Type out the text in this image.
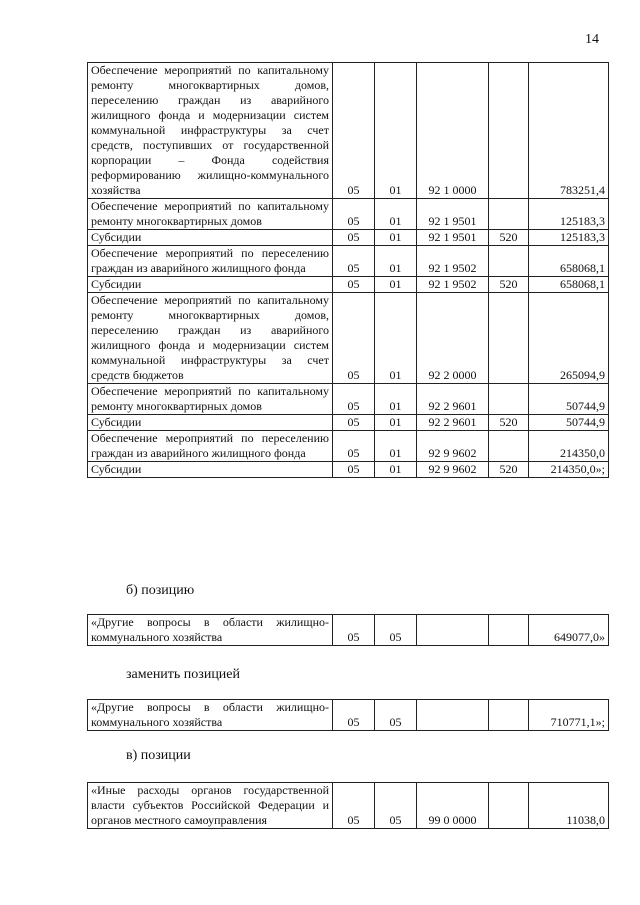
14
Обеспечение мероприятий по капитальному ремонту многоквартирных домов, переселению граждан из аварийного жилищного фонда и модернизации систем коммунальной инфраструктуры за счет средств, поступивших от государственной корпорации – Фонда содействия реформированию жилищно-коммунального хозяйства	05	01	92 1 0000		783251,4
Обеспечение мероприятий по капитальному ремонту многоквартирных домов	05	01	92 1 9501		125183,3
Субсидии	05	01	92 1 9501	520	125183,3
Обеспечение мероприятий по переселению граждан из аварийного жилищного фонда	05	01	92 1 9502		658068,1
Субсидии	05	01	92 1 9502	520	658068,1
Обеспечение мероприятий по капитальному ремонту многоквартирных домов, переселению граждан из аварийного жилищного фонда и модернизации систем коммунальной инфраструктуры за счет средств бюджетов	05	01	92 2 0000		265094,9
Обеспечение мероприятий по капитальному ремонту многоквартирных домов	05	01	92 2 9601		50744,9
Субсидии	05	01	92 2 9601	520	50744,9
Обеспечение мероприятий по переселению граждан из аварийного жилищного фонда	05	01	92 9 9602		214350,0
Субсидии	05	01	92 9 9602	520	214350,0»;
б) позицию
«Другие вопросы в области жилищно-коммунального хозяйства	05	05			649077,0»
заменить позицией
«Другие вопросы в области жилищно-коммунального хозяйства	05	05			710771,1»;
в) позиции
«Иные расходы органов государственной власти субъектов Российской Федерации и органов местного самоуправления	05	05	99 0 0000		11038,0
